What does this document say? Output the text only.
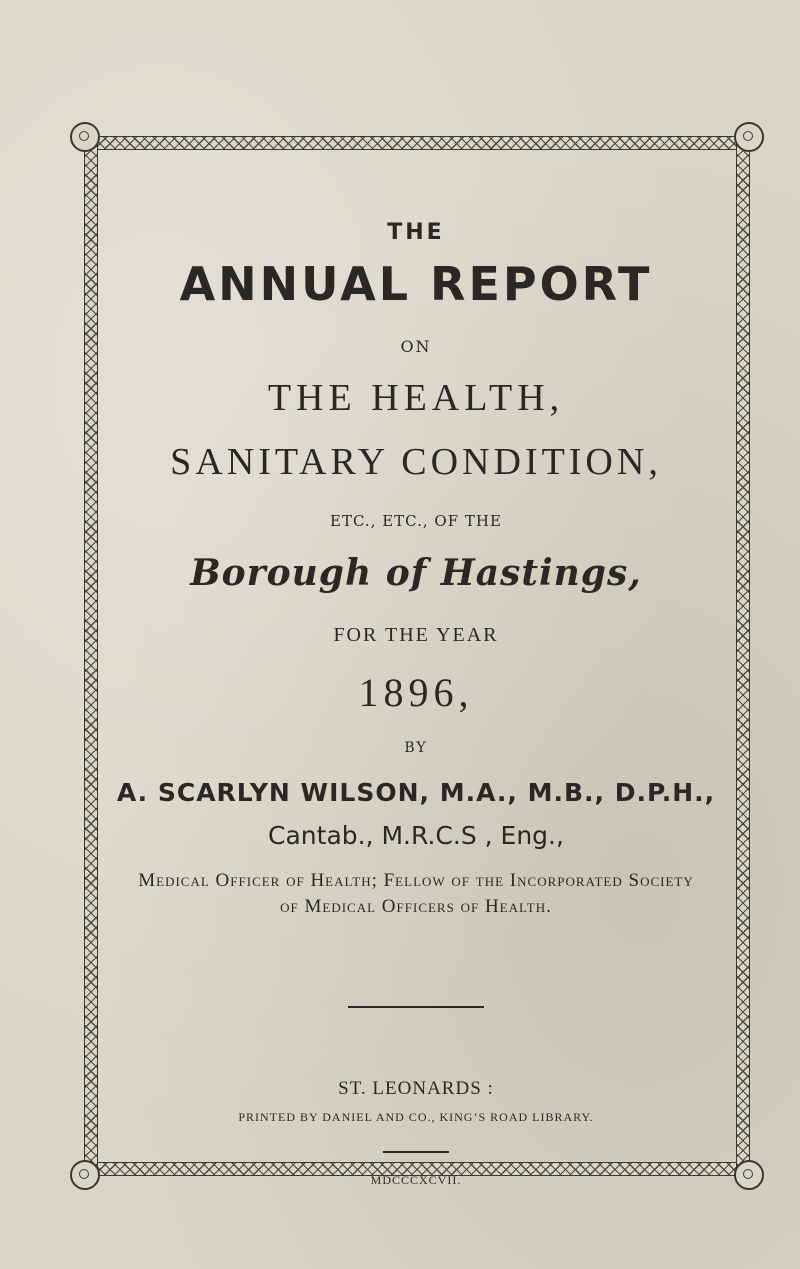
THE

ANNUAL REPORT

ON

THE HEALTH,

SANITARY CONDITION,

ETC., ETC., OF THE

Borough of Hastings,

FOR THE YEAR

1896,

BY

A. SCARLYN WILSON, M.A., M.B., D.P.H.,

Cantab., M.R.C.S , Eng.,

Medical Officer of Health; Fellow of the Incorporated Society
of Medical Officers of Health.

ST. LEONARDS :

PRINTED BY DANIEL AND CO., KING’S ROAD LIBRARY.

MDCCCXCVII.
